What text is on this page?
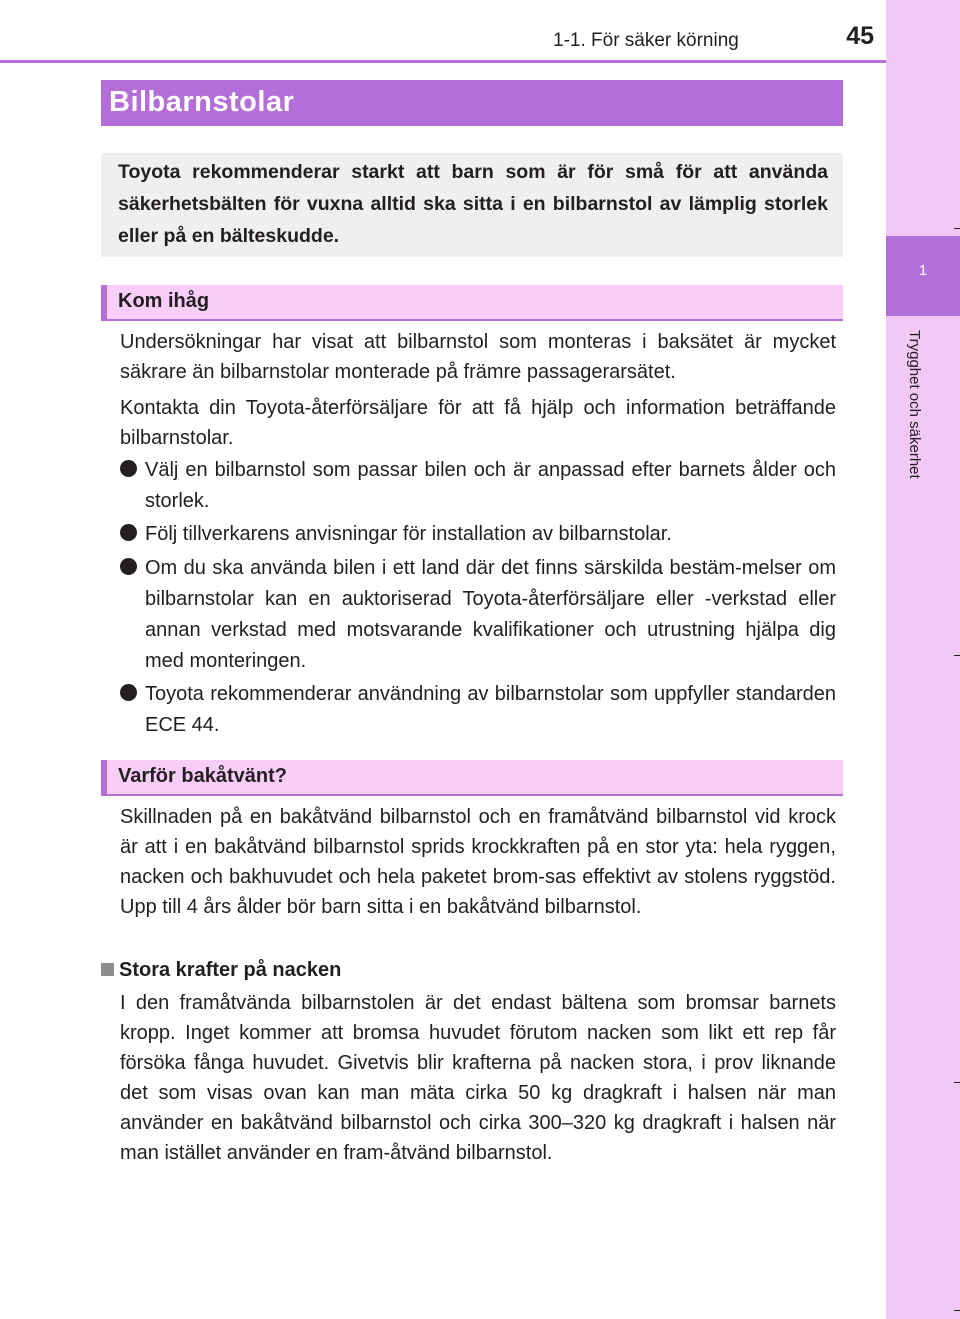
1-1. För säker körning	45
1
Trygghet och säkerhet
Bilbarnstolar

Toyota rekommenderar starkt att barn som är för små för att använda säkerhetsbälten för vuxna alltid ska sitta i en bilbarnstol av lämplig storlek eller på en bälteskudde.

Kom ihåg

Undersökningar har visat att bilbarnstol som monteras i baksätet är mycket säkrare än bilbarnstolar monterade på främre passagerarsätet.

Kontakta din Toyota-återförsäljare för att få hjälp och information beträffande bilbarnstolar.

Välj en bilbarnstol som passar bilen och är anpassad efter barnets ålder och storlek.

Följ tillverkarens anvisningar för installation av bilbarnstolar.

Om du ska använda bilen i ett land där det finns särskilda bestäm-melser om bilbarnstolar kan en auktoriserad Toyota-återförsäljare eller -verkstad eller annan verkstad med motsvarande kvalifikationer och utrustning hjälpa dig med monteringen.

Toyota rekommenderar användning av bilbarnstolar som uppfyller standarden ECE 44.

Varför bakåtvänt?

Skillnaden på en bakåtvänd bilbarnstol och en framåtvänd bilbarnstol vid krock är att i en bakåtvänd bilbarnstol sprids krockkraften på en stor yta: hela ryggen, nacken och bakhuvudet och hela paketet brom-sas effektivt av stolens ryggstöd. Upp till 4 års ålder bör barn sitta i en bakåtvänd bilbarnstol.

Stora krafter på nacken

I den framåtvända bilbarnstolen är det endast bältena som bromsar barnets kropp. Inget kommer att bromsa huvudet förutom nacken som likt ett rep får försöka fånga huvudet. Givetvis blir krafterna på nacken stora, i prov liknande det som visas ovan kan man mäta cirka 50 kg dragkraft i halsen när man använder en bakåtvänd bilbarnstol och cirka 300–320 kg dragkraft i halsen när man istället använder en fram-åtvänd bilbarnstol.
